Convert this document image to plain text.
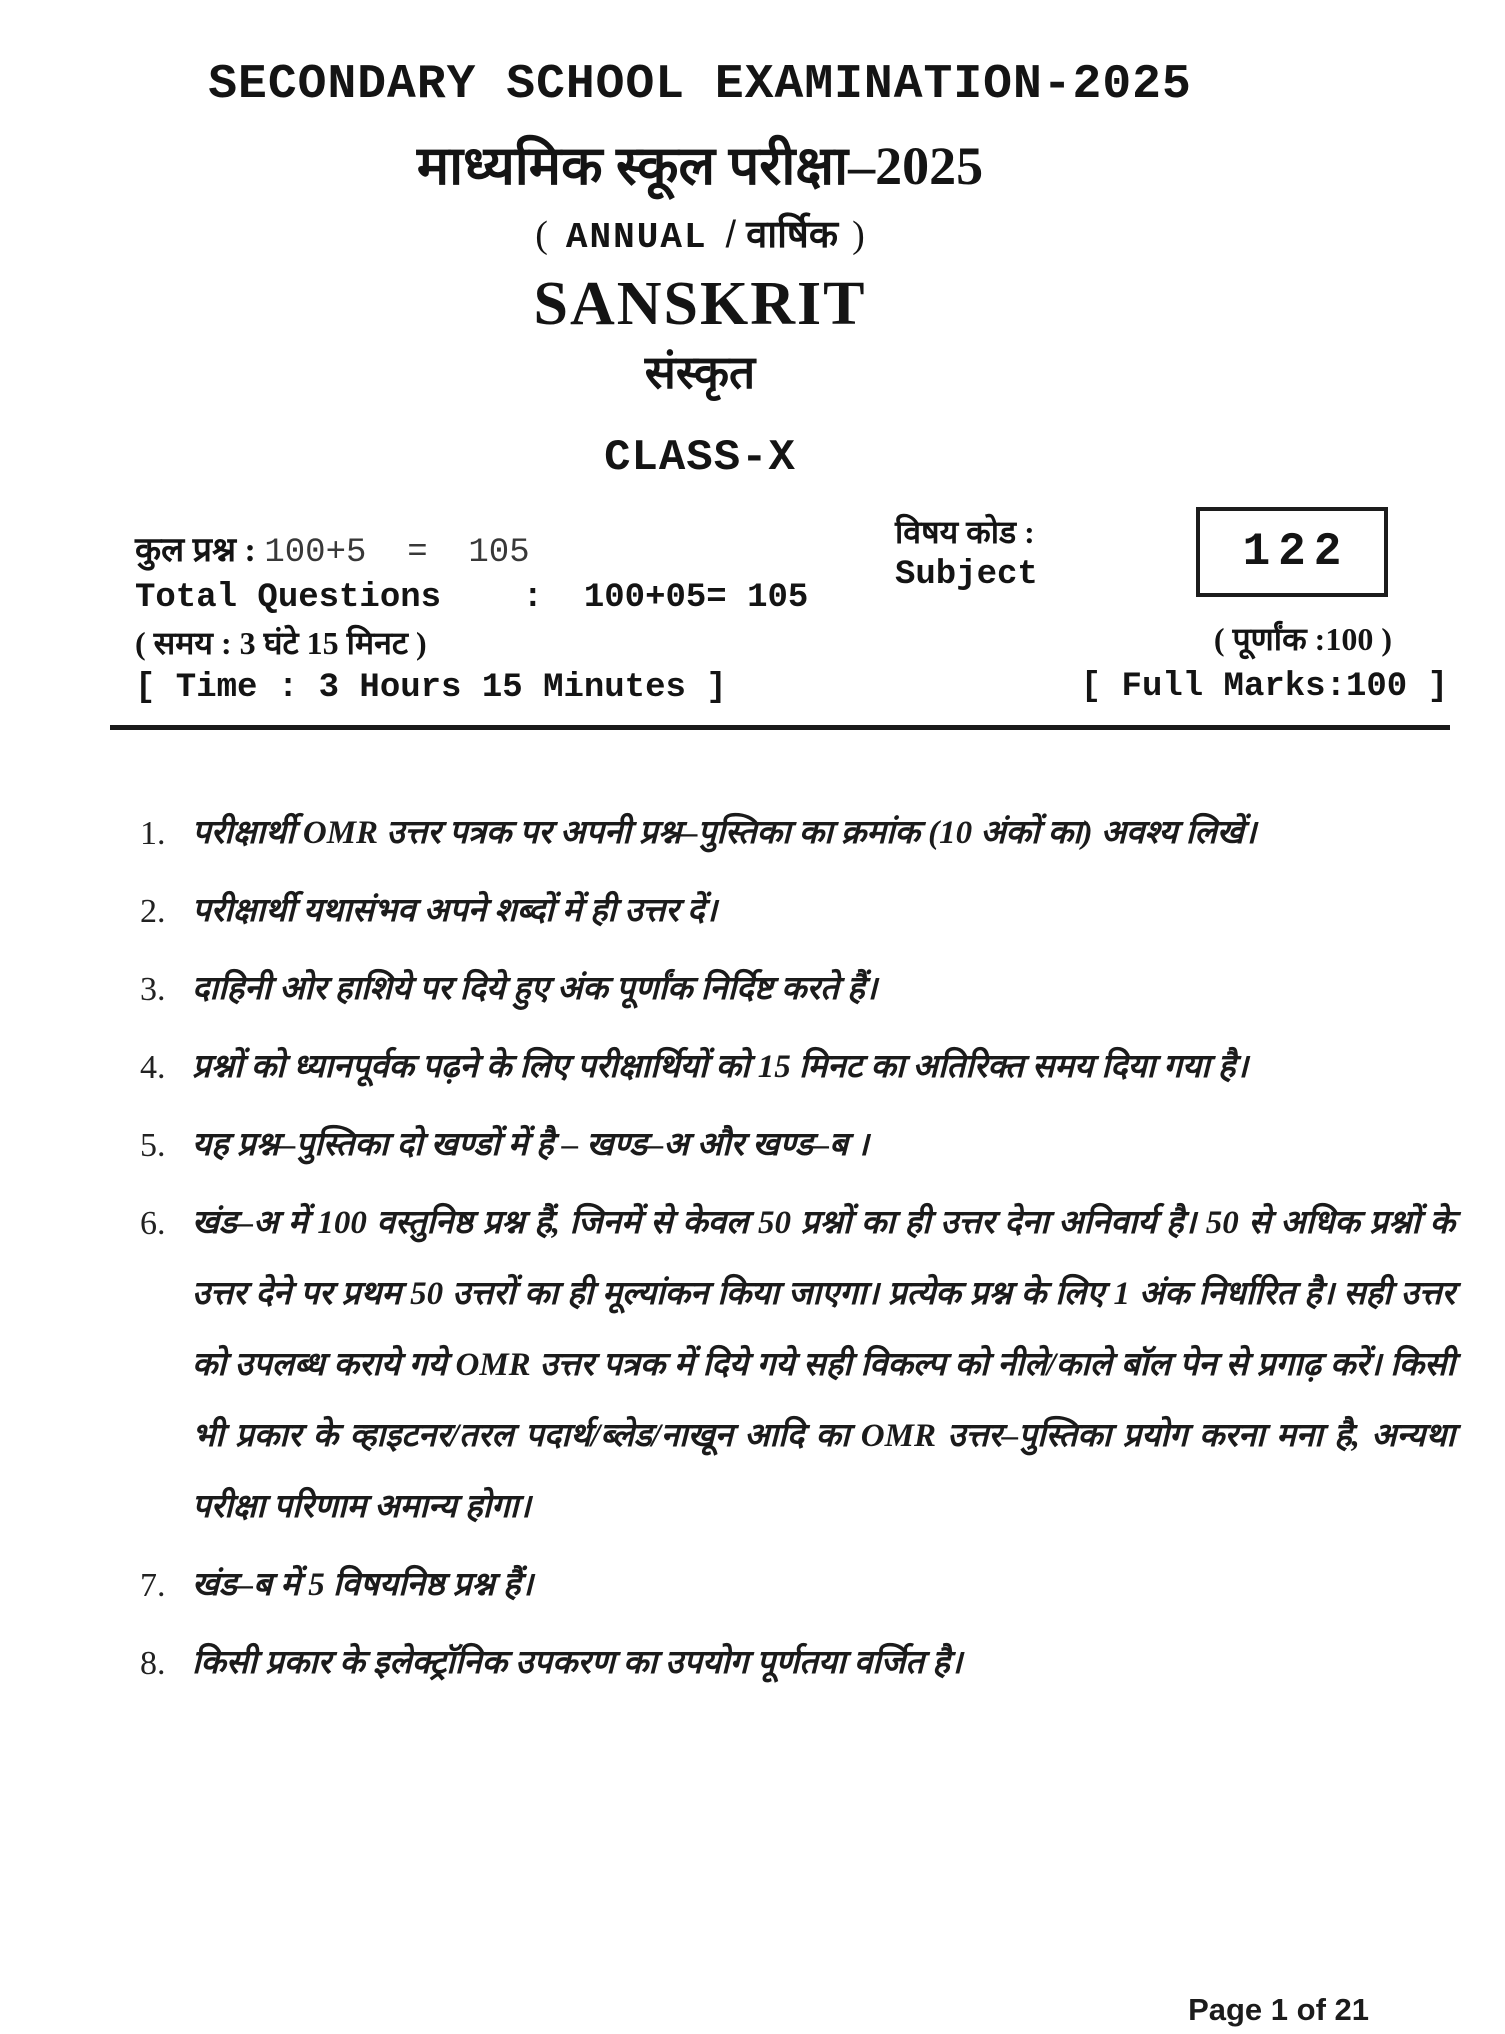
SECONDARY SCHOOL EXAMINATION-2025
माध्यमिक स्कूल परीक्षा–2025
( ANNUAL / वार्षिक )
SANSKRIT
संस्कृत
CLASS-X
कुल प्रश्न : 100+5  =  105
Total Questions    :  100+05= 105
( समय : 3 घंटे 15 मिनट )
[ Time : 3 Hours 15 Minutes ]
विषय कोड :
Subject	122
( पूर्णांक :100 )
[ Full Marks:100 ]
1. परीक्षार्थी OMR उत्तर पत्रक पर अपनी प्रश्न–पुस्तिका का क्रमांक (10 अंकों का) अवश्य लिखें।
2. परीक्षार्थी यथासंभव अपने शब्दों में ही उत्तर दें।
3. दाहिनी ओर हाशिये पर दिये हुए अंक पूर्णांक निर्दिष्ट करते हैं।
4. प्रश्नों को ध्यानपूर्वक पढ़ने के लिए परीक्षार्थियों को 15 मिनट का अतिरिक्त समय दिया गया है।
5. यह प्रश्न–पुस्तिका दो खण्डों में है – खण्ड–अ और खण्ड–ब ।
6. खंड–अ में 100 वस्तुनिष्ठ प्रश्न हैं, जिनमें से केवल 50 प्रश्नों का ही उत्तर देना अनिवार्य है। 50 से अधिक प्रश्नों के उत्तर देने पर प्रथम 50 उत्तरों का ही मूल्यांकन किया जाएगा। प्रत्येक प्रश्न के लिए 1 अंक निर्धारित है। सही उत्तर को उपलब्ध कराये गये OMR उत्तर पत्रक में दिये गये सही विकल्प को नीले/काले बॉल पेन से प्रगाढ़ करें। किसी भी प्रकार के व्हाइटनर/तरल पदार्थ/ब्लेड/नाखून आदि का OMR उत्तर–पुस्तिका प्रयोग करना मना है, अन्यथा परीक्षा परिणाम अमान्य होगा।
7. खंड–ब में 5 विषयनिष्ठ प्रश्न हैं।
8. किसी प्रकार के इलेक्ट्रॉनिक उपकरण का उपयोग पूर्णतया वर्जित है।
Page 1 of 21
